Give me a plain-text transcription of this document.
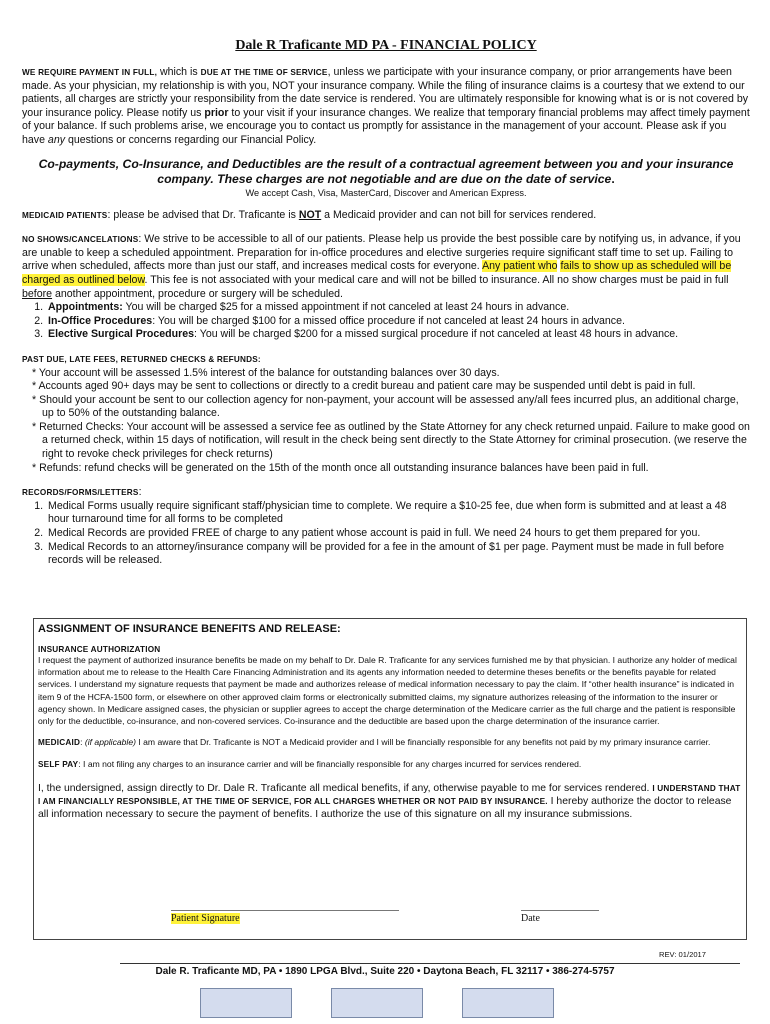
Dale R Traficante MD PA - FINANCIAL POLICY

WE REQUIRE PAYMENT IN FULL, which is DUE AT THE TIME OF SERVICE, unless we participate with your insurance company, or prior arrangements have been made. As your physician, my relationship is with you, NOT your insurance company. While the filing of insurance claims is a courtesy that we extend to our patients, all charges are strictly your responsibility from the date service is rendered. You are ultimately responsible for knowing what is or is not covered by your insurance policy. Please notify us prior to your visit if your insurance changes. We realize that temporary financial problems may affect timely payment of your balance. If such problems arise, we encourage you to contact us promptly for assistance in the management of your account. Please ask if you have any questions or concerns regarding our Financial Policy.

Co-payments, Co-Insurance, and Deductibles are the result of a contractual agreement between you and your insurance company. These charges are not negotiable and are due on the date of service.

We accept Cash, Visa, MasterCard, Discover and American Express.

MEDICAID PATIENTS: please be advised that Dr. Traficante is NOT a Medicaid provider and can not bill for services rendered.

NO SHOWS/CANCELATIONS: We strive to be accessible to all of our patients. Please help us provide the best possible care by notifying us, in advance, if you are unable to keep a scheduled appointment. Preparation for in-office procedures and elective surgeries require significant staff time to set up. Failing to arrive when scheduled, affects more than just our staff, and increases medical costs for everyone. Any patient who fails to show up as scheduled will be charged as outlined below. This fee is not associated with your medical care and will not be billed to insurance. All no show charges must be paid in full before another appointment, procedure or surgery will be scheduled.

1. Appointments: You will be charged $25 for a missed appointment if not canceled at least 24 hours in advance.
2. In-Office Procedures: You will be charged $100 for a missed office procedure if not canceled at least 24 hours in advance.
3. Elective Surgical Procedures: You will be charged $200 for a missed surgical procedure if not canceled at least 48 hours in advance.

PAST DUE, LATE FEES, RETURNED CHECKS & REFUNDS:

* Your account will be assessed 1.5% interest of the balance for outstanding balances over 30 days.
* Accounts aged 90+ days may be sent to collections or directly to a credit bureau and patient care may be suspended until debt is paid in full.
* Should your account be sent to our collection agency for non-payment, your account will be assessed any/all fees incurred plus, an additional charge, up to 50% of the outstanding balance.
* Returned Checks: Your account will be assessed a service fee as outlined by the State Attorney for any check returned unpaid. Failure to make good on a returned check, within 15 days of notification, will result in the check being sent directly to the State Attorney for criminal prosecution. (we reserve the right to revoke check privileges for check returns)
* Refunds: refund checks will be generated on the 15th of the month once all outstanding insurance balances have been paid in full.

RECORDS/FORMS/LETTERS:

1. Medical Forms usually require significant staff/physician time to complete. We require a $10-25 fee, due when form is submitted and at least a 48 hour turnaround time for all forms to be completed
2. Medical Records are provided FREE of charge to any patient whose account is paid in full. We need 24 hours to get them prepared for you.
3. Medical Records to an attorney/insurance company will be provided for a fee in the amount of $1 per page. Payment must be made in full before records will be released.

ASSIGNMENT OF INSURANCE BENEFITS AND RELEASE:

INSURANCE AUTHORIZATION

I request the payment of authorized insurance benefits be made on my behalf to Dr. Dale R. Traficante for any services furnished me by that physician. I authorize any holder of medical information about me to release to the Health Care Financing Administration and its agents any information needed to determine theses benefits or the benefits payable for related services. I understand my signature requests that payment be made and authorizes release of medical information necessary to pay the claim. If “other health insurance” is indicated in item 9 of the HCFA-1500 form, or elsewhere on other approved claim forms or electronically submitted claims, my signature authorizes releasing of the information to the insurer or agency shown. In Medicare assigned cases, the physician or supplier agrees to accept the charge determination of the Medicare carrier as the full charge and the patient is responsible only for the deductible, co-insurance, and non-covered services. Co-insurance and the deductible are based upon the charge determination of the insurance carrier.

MEDICAID: (if applicable) I am aware that Dr. Traficante is NOT a Medicaid provider and I will be financially responsible for any benefits not paid by my primary insurance carrier.

SELF PAY: I am not filing any charges to an insurance carrier and will be financially responsible for any charges incurred for services rendered.

I, the undersigned, assign directly to Dr. Dale R. Traficante all medical benefits, if any, otherwise payable to me for services rendered. I UNDERSTAND THAT I AM FINANCIALLY RESPONSIBLE, AT THE TIME OF SERVICE, FOR ALL CHARGES WHETHER OR NOT PAID BY INSURANCE. I hereby authorize the doctor to release all information necessary to secure the payment of benefits. I authorize the use of this signature on all my insurance submissions.

Patient Signature	Date
REV: 01/2017
Dale R. Traficante MD, PA • 1890 LPGA Blvd., Suite 220 • Daytona Beach, FL 32117 • 386-274-5757
